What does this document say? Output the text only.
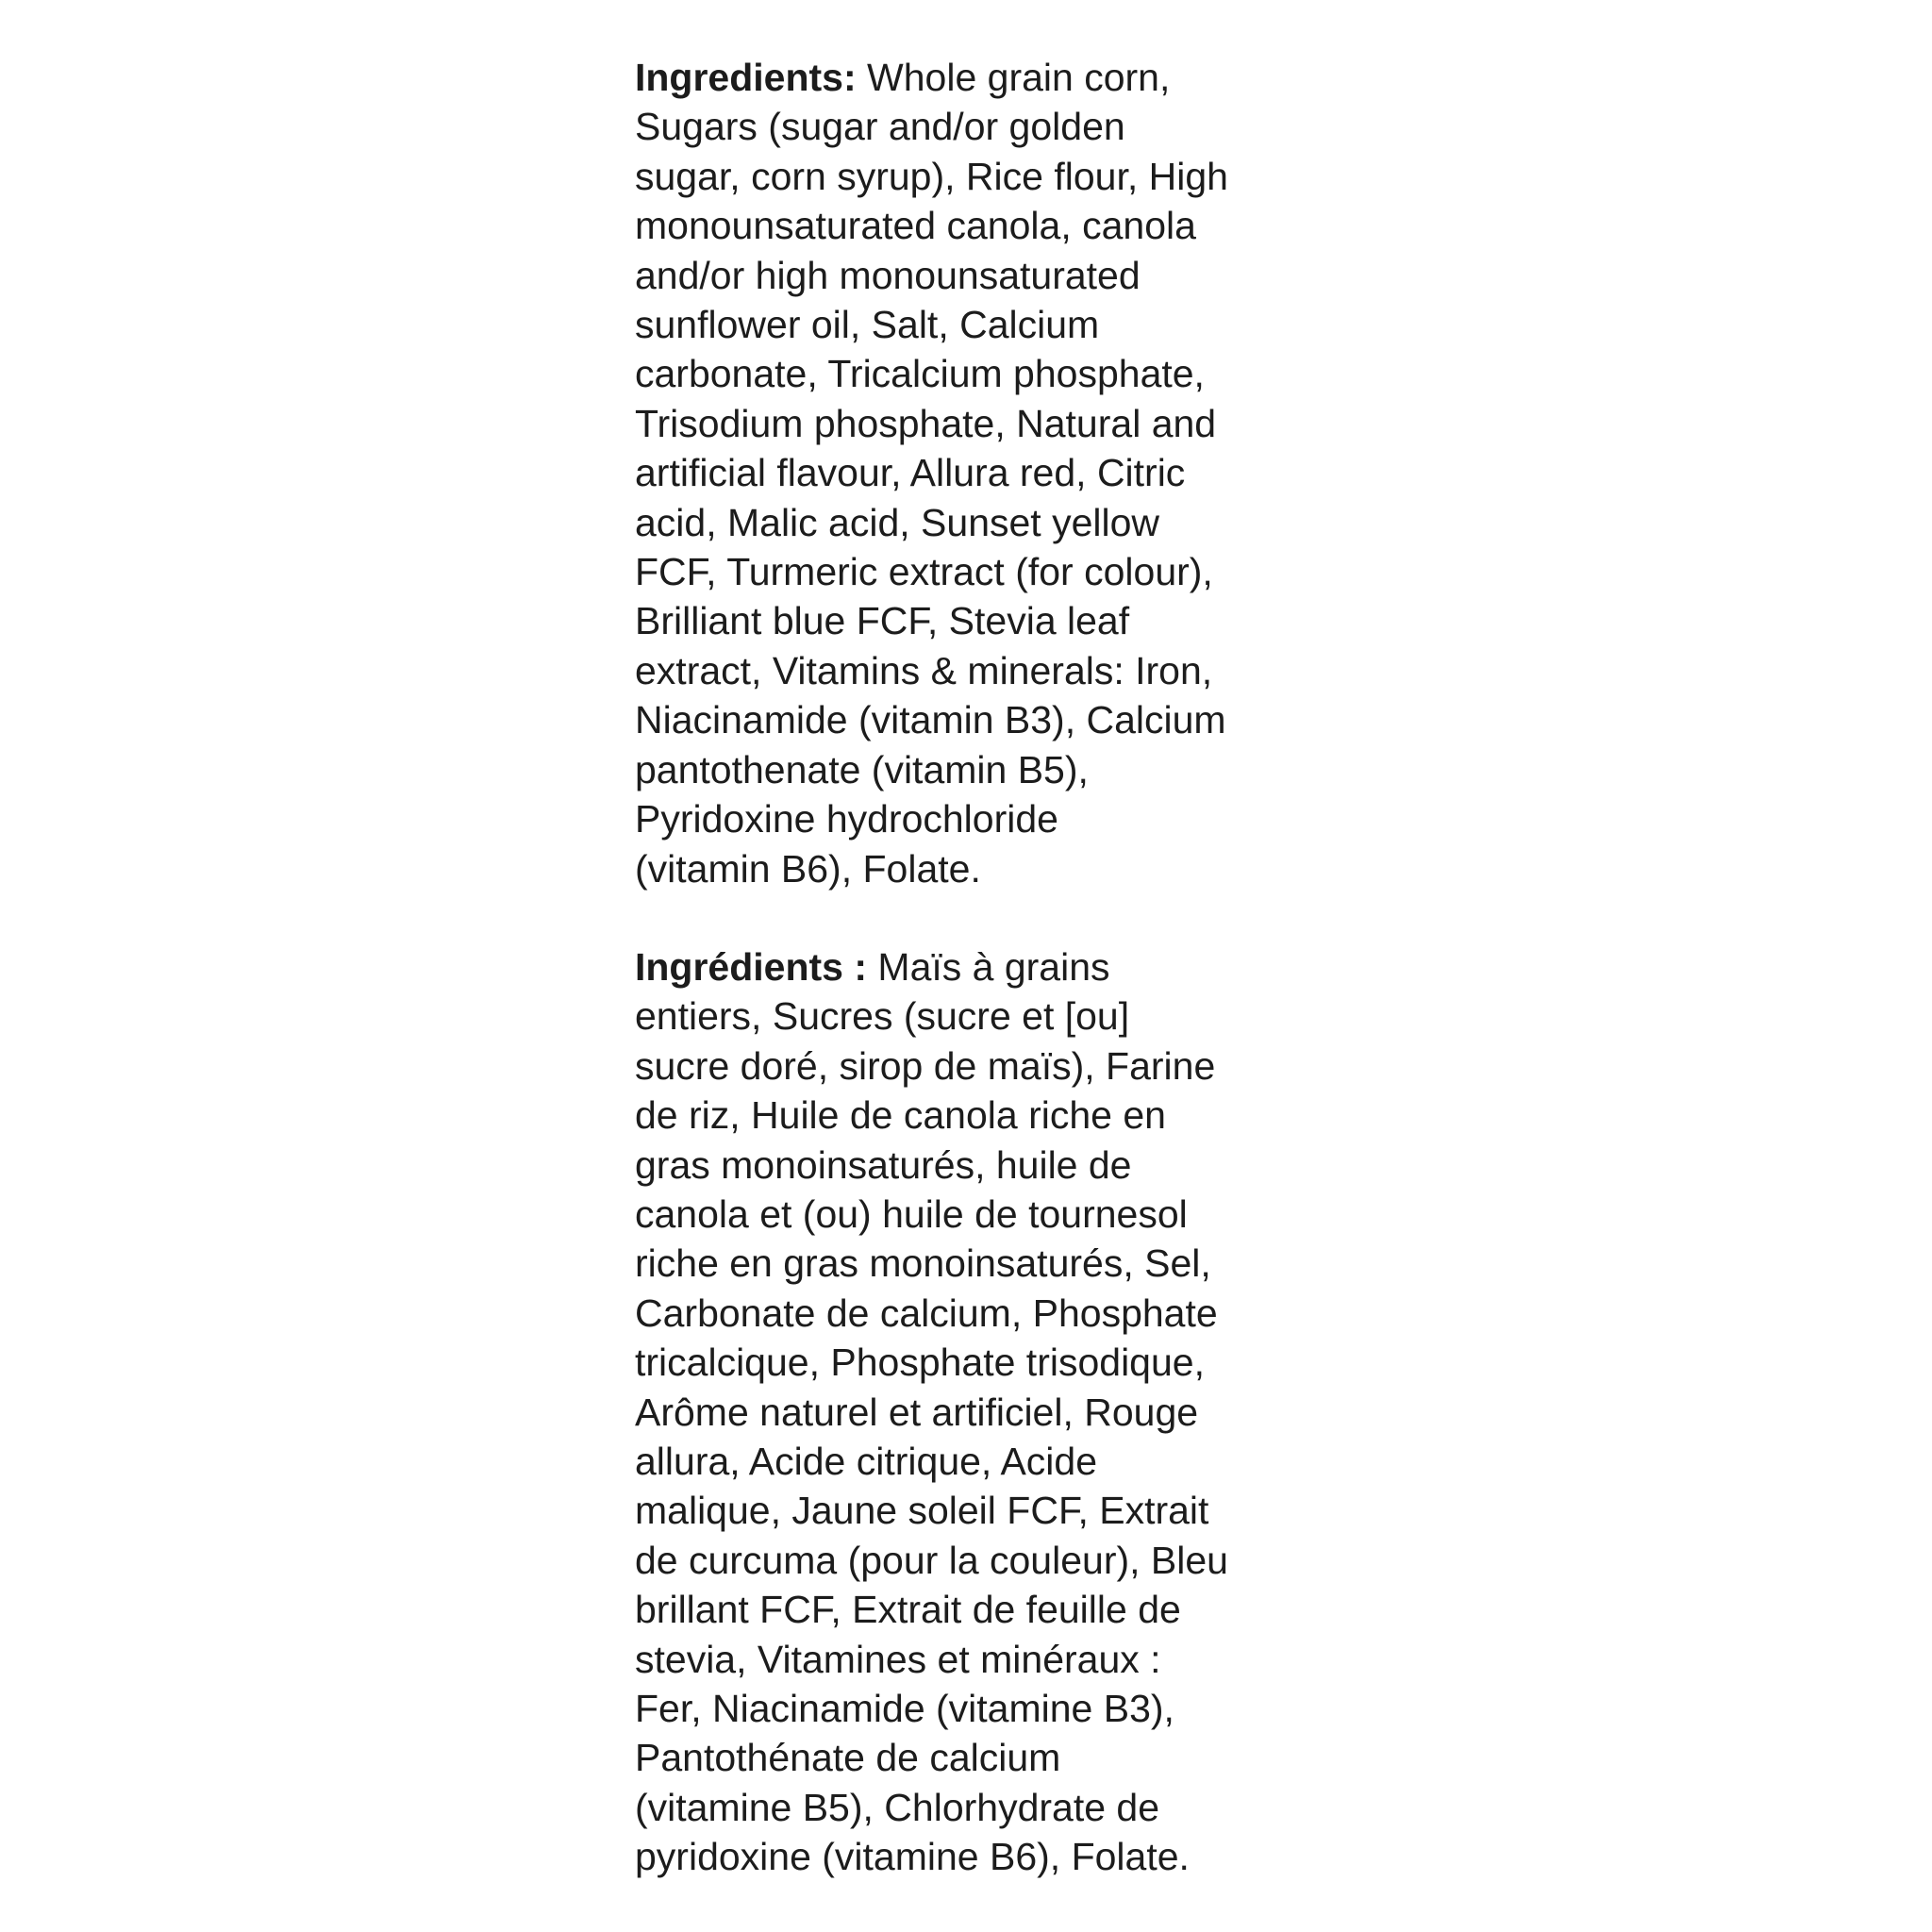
Ingredients: Whole grain corn,

Sugars (sugar and/or golden

sugar, corn syrup), Rice flour, High

monounsaturated canola, canola

and/or high monounsaturated

sunflower oil, Salt, Calcium

carbonate, Tricalcium phosphate,

Trisodium phosphate, Natural and

artificial flavour, Allura red, Citric

acid, Malic acid, Sunset yellow

FCF, Turmeric extract (for colour),

Brilliant blue FCF, Stevia leaf

extract, Vitamins & minerals: Iron,

Niacinamide (vitamin B3), Calcium

pantothenate (vitamin B5),

Pyridoxine hydrochloride

(vitamin B6), Folate.

Ingrédients : Maïs à grains

entiers, Sucres (sucre et [ou]

sucre doré, sirop de maïs), Farine

de riz, Huile de canola riche en

gras monoinsaturés, huile de

canola et (ou) huile de tournesol

riche en gras monoinsaturés, Sel,

Carbonate de calcium, Phosphate

tricalcique, Phosphate trisodique,

Arôme naturel et artificiel, Rouge

allura, Acide citrique, Acide

malique, Jaune soleil FCF, Extrait

de curcuma (pour la couleur), Bleu

brillant FCF, Extrait de feuille de

stevia, Vitamines et minéraux :

Fer, Niacinamide (vitamine B3),

Pantothénate de calcium

(vitamine B5), Chlorhydrate de

pyridoxine (vitamine B6), Folate.
